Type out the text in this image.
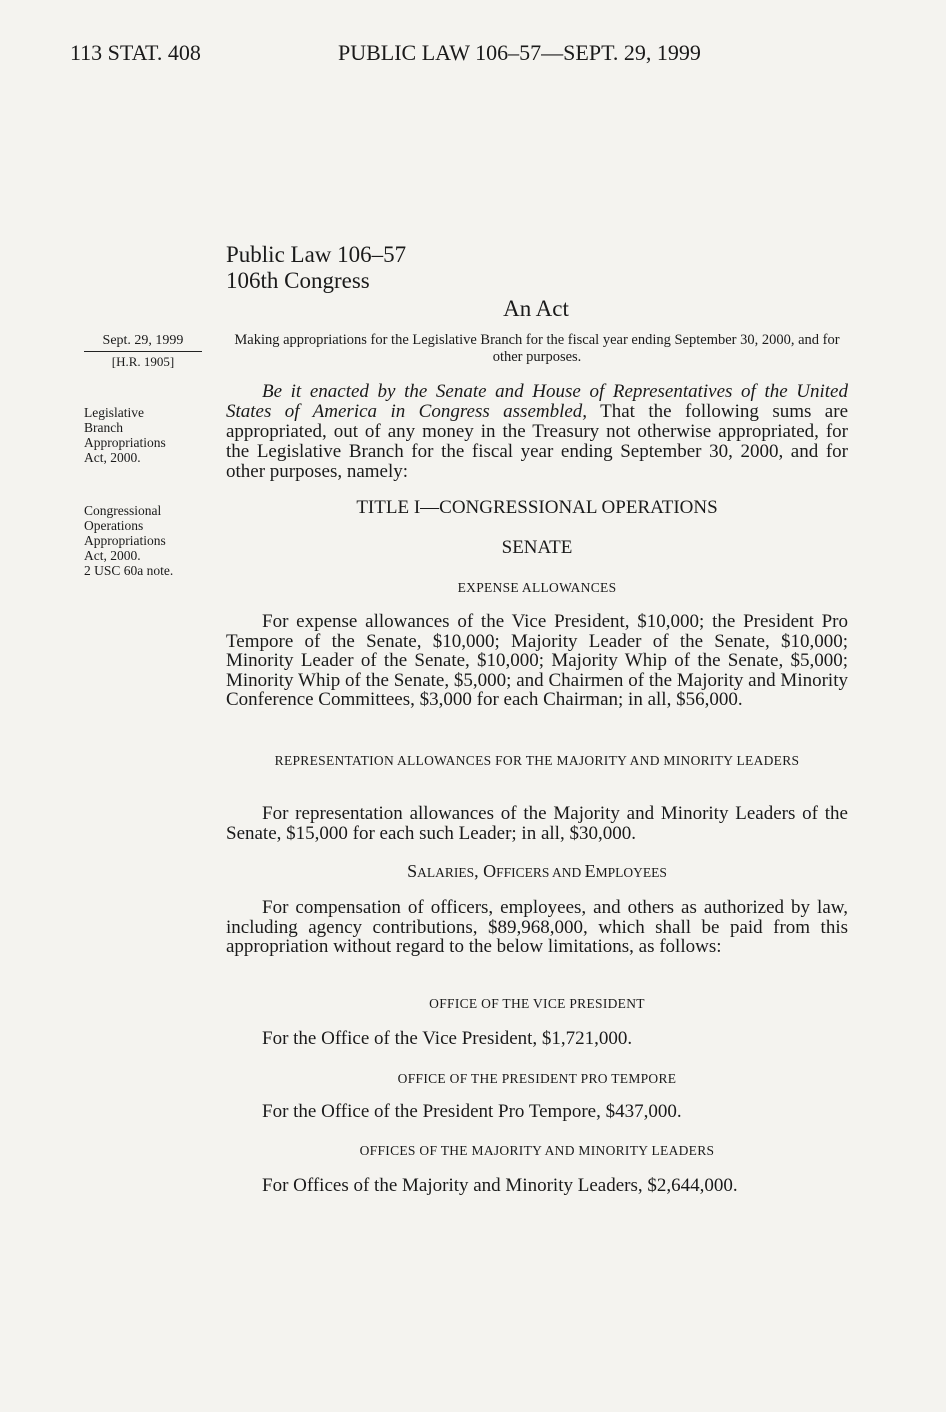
113 STAT. 408	PUBLIC LAW 106–57—SEPT. 29, 1999
Public Law 106–57
106th Congress
An Act
Sept. 29, 1999
[H.R. 1905]
Legislative
Branch
Appropriations
Act, 2000.
Congressional
Operations
Appropriations
Act, 2000.
2 USC 60a note.
Making appropriations for the Legislative Branch for the fiscal year ending September 30, 2000, and for other purposes.

Be it enacted by the Senate and House of Representatives of the United States of America in Congress assembled, That the following sums are appropriated, out of any money in the Treasury not otherwise appropriated, for the Legislative Branch for the fiscal year ending September 30, 2000, and for other purposes, namely:

TITLE I—CONGRESSIONAL OPERATIONS
SENATE
EXPENSE ALLOWANCES

For expense allowances of the Vice President, $10,000; the President Pro Tempore of the Senate, $10,000; Majority Leader of the Senate, $10,000; Minority Leader of the Senate, $10,000; Majority Whip of the Senate, $5,000; Minority Whip of the Senate, $5,000; and Chairmen of the Majority and Minority Conference Committees, $3,000 for each Chairman; in all, $56,000.

REPRESENTATION ALLOWANCES FOR THE MAJORITY AND MINORITY LEADERS

For representation allowances of the Majority and Minority Leaders of the Senate, $15,000 for each such Leader; in all, $30,000.

SALARIES, OFFICERS AND EMPLOYEES

For compensation of officers, employees, and others as authorized by law, including agency contributions, $89,968,000, which shall be paid from this appropriation without regard to the below limitations, as follows:

OFFICE OF THE VICE PRESIDENT

For the Office of the Vice President, $1,721,000.

OFFICE OF THE PRESIDENT PRO TEMPORE

For the Office of the President Pro Tempore, $437,000.

OFFICES OF THE MAJORITY AND MINORITY LEADERS

For Offices of the Majority and Minority Leaders, $2,644,000.
